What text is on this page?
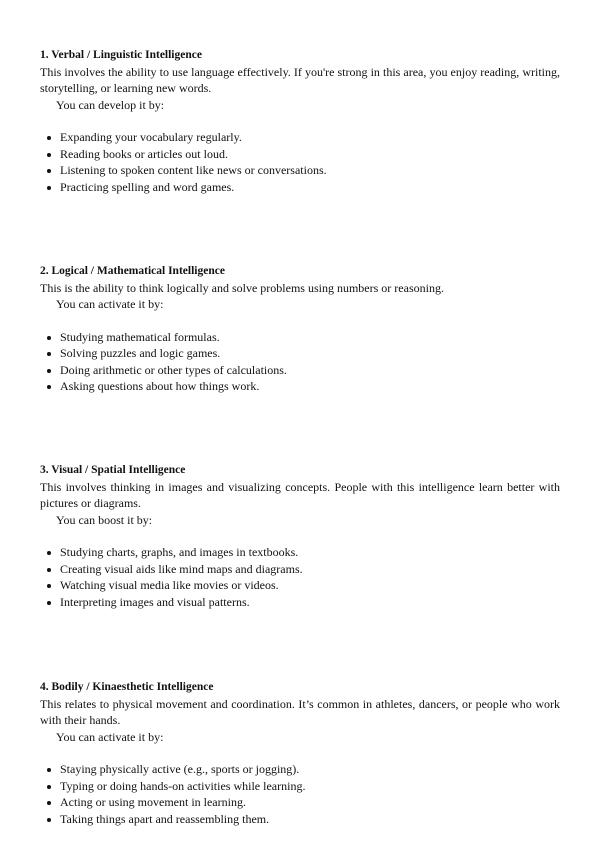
1. Verbal / Linguistic Intelligence

This involves the ability to use language effectively. If you're strong in this area, you enjoy reading, writing, storytelling, or learning new words.

You can develop it by:

Expanding your vocabulary regularly.
Reading books or articles out loud.
Listening to spoken content like news or conversations.
Practicing spelling and word games.

2. Logical / Mathematical Intelligence

This is the ability to think logically and solve problems using numbers or reasoning.

You can activate it by:

Studying mathematical formulas.
Solving puzzles and logic games.
Doing arithmetic or other types of calculations.
Asking questions about how things work.

3. Visual / Spatial Intelligence

This involves thinking in images and visualizing concepts. People with this intelligence learn better with pictures or diagrams.

You can boost it by:

Studying charts, graphs, and images in textbooks.
Creating visual aids like mind maps and diagrams.
Watching visual media like movies or videos.
Interpreting images and visual patterns.

4. Bodily / Kinaesthetic Intelligence

This relates to physical movement and coordination. It’s common in athletes, dancers, or people who work with their hands.

You can activate it by:

Staying physically active (e.g., sports or jogging).
Typing or doing hands-on activities while learning.
Acting or using movement in learning.
Taking things apart and reassembling them.
